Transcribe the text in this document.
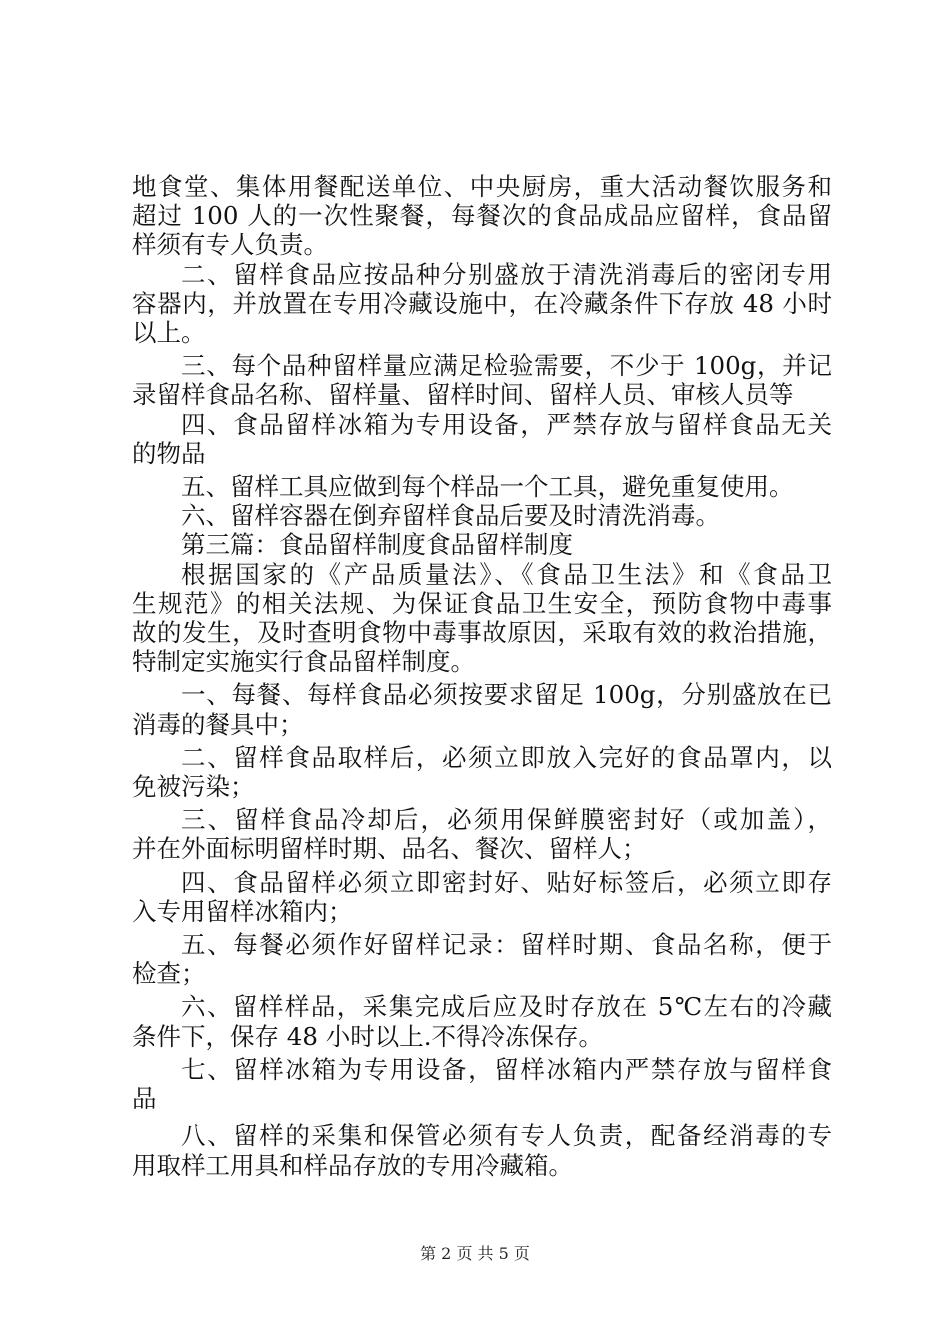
地食堂、集体用餐配送单位、中央厨房，重大活动餐饮服务和
超过 100 人的一次性聚餐，每餐次的食品成品应留样，食品留
样须有专人负责。
二、留样食品应按品种分别盛放于清洗消毒后的密闭专用
容器内，并放置在专用冷藏设施中，在冷藏条件下存放 48 小时
以上。
三、每个品种留样量应满足检验需要，不少于 100g，并记
录留样食品名称、留样量、留样时间、留样人员、审核人员等
四、食品留样冰箱为专用设备，严禁存放与留样食品无关
的物品
五、留样工具应做到每个样品一个工具，避免重复使用。
六、留样容器在倒弃留样食品后要及时清洗消毒。
第三篇：食品留样制度食品留样制度
根据国家的《产品质量法》、《食品卫生法》和《食品卫
生规范》的相关法规、为保证食品卫生安全，预防食物中毒事
故的发生，及时查明食物中毒事故原因，采取有效的救治措施，
特制定实施实行食品留样制度。
一、每餐、每样食品必须按要求留足 100g，分别盛放在已
消毒的餐具中；
二、留样食品取样后，必须立即放入完好的食品罩内，以
免被污染；
三、留样食品冷却后，必须用保鲜膜密封好（或加盖），
并在外面标明留样时期、品名、餐次、留样人；
四、食品留样必须立即密封好、贴好标签后，必须立即存
入专用留样冰箱内；
五、每餐必须作好留样记录：留样时期、食品名称，便于
检查；
六、留样样品，采集完成后应及时存放在 5℃左右的冷藏
条件下，保存 48 小时以上.不得冷冻保存。
七、留样冰箱为专用设备，留样冰箱内严禁存放与留样食
品
八、留样的采集和保管必须有专人负责，配备经消毒的专
用取样工用具和样品存放的专用冷藏箱。
第 2 页 共 5 页
